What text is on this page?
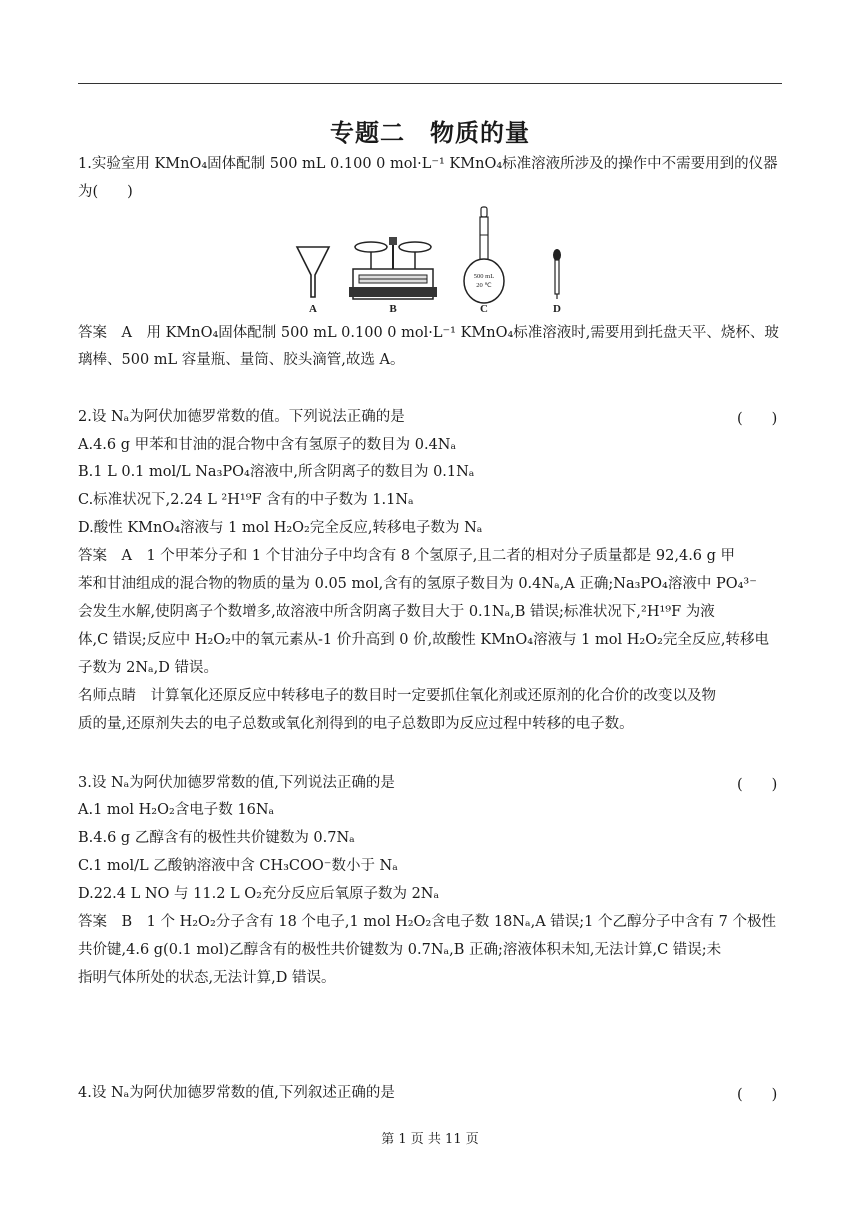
专题二　物质的量
1.实验室用 KMnO₄固体配制 500 mL 0.100 0 mol·L⁻¹ KMnO₄标准溶液所涉及的操作中不需要用到的仪器
为(　　)
500 mL
20 ℃
A	B	C	D
答案　A　用 KMnO₄固体配制 500 mL 0.100 0 mol·L⁻¹ KMnO₄标准溶液时,需要用到托盘天平、烧杯、玻
璃棒、500 mL 容量瓶、量筒、胶头滴管,故选 A。
2.设 Nₐ为阿伏加德罗常数的值。下列说法正确的是	(　　)
A.4.6 g 甲苯和甘油的混合物中含有氢原子的数目为 0.4Nₐ
B.1 L 0.1 mol/L Na₃PO₄溶液中,所含阴离子的数目为 0.1Nₐ
C.标准状况下,2.24 L ²H¹⁹F 含有的中子数为 1.1Nₐ
D.酸性 KMnO₄溶液与 1 mol H₂O₂完全反应,转移电子数为 Nₐ
答案　A　1 个甲苯分子和 1 个甘油分子中均含有 8 个氢原子,且二者的相对分子质量都是 92,4.6 g 甲
苯和甘油组成的混合物的物质的量为 0.05 mol,含有的氢原子数目为 0.4Nₐ,A 正确;Na₃PO₄溶液中 PO₄³⁻
会发生水解,使阴离子个数增多,故溶液中所含阴离子数目大于 0.1Nₐ,B 错误;标准状况下,²H¹⁹F 为液
体,C 错误;反应中 H₂O₂中的氧元素从-1 价升高到 0 价,故酸性 KMnO₄溶液与 1 mol H₂O₂完全反应,转移电
子数为 2Nₐ,D 错误。
名师点睛　计算氧化还原反应中转移电子的数目时一定要抓住氧化剂或还原剂的化合价的改变以及物
质的量,还原剂失去的电子总数或氧化剂得到的电子总数即为反应过程中转移的电子数。
3.设 Nₐ为阿伏加德罗常数的值,下列说法正确的是	(　　)
A.1 mol H₂O₂含电子数 16Nₐ
B.4.6 g 乙醇含有的极性共价键数为 0.7Nₐ
C.1 mol/L 乙酸钠溶液中含 CH₃COO⁻数小于 Nₐ
D.22.4 L NO 与 11.2 L O₂充分反应后氧原子数为 2Nₐ
答案　B　1 个 H₂O₂分子含有 18 个电子,1 mol H₂O₂含电子数 18Nₐ,A 错误;1 个乙醇分子中含有 7 个极性
共价键,4.6 g(0.1 mol)乙醇含有的极性共价键数为 0.7Nₐ,B 正确;溶液体积未知,无法计算,C 错误;未
指明气体所处的状态,无法计算,D 错误。
4.设 Nₐ为阿伏加德罗常数的值,下列叙述正确的是	(　　)
第 1 页 共 11 页
